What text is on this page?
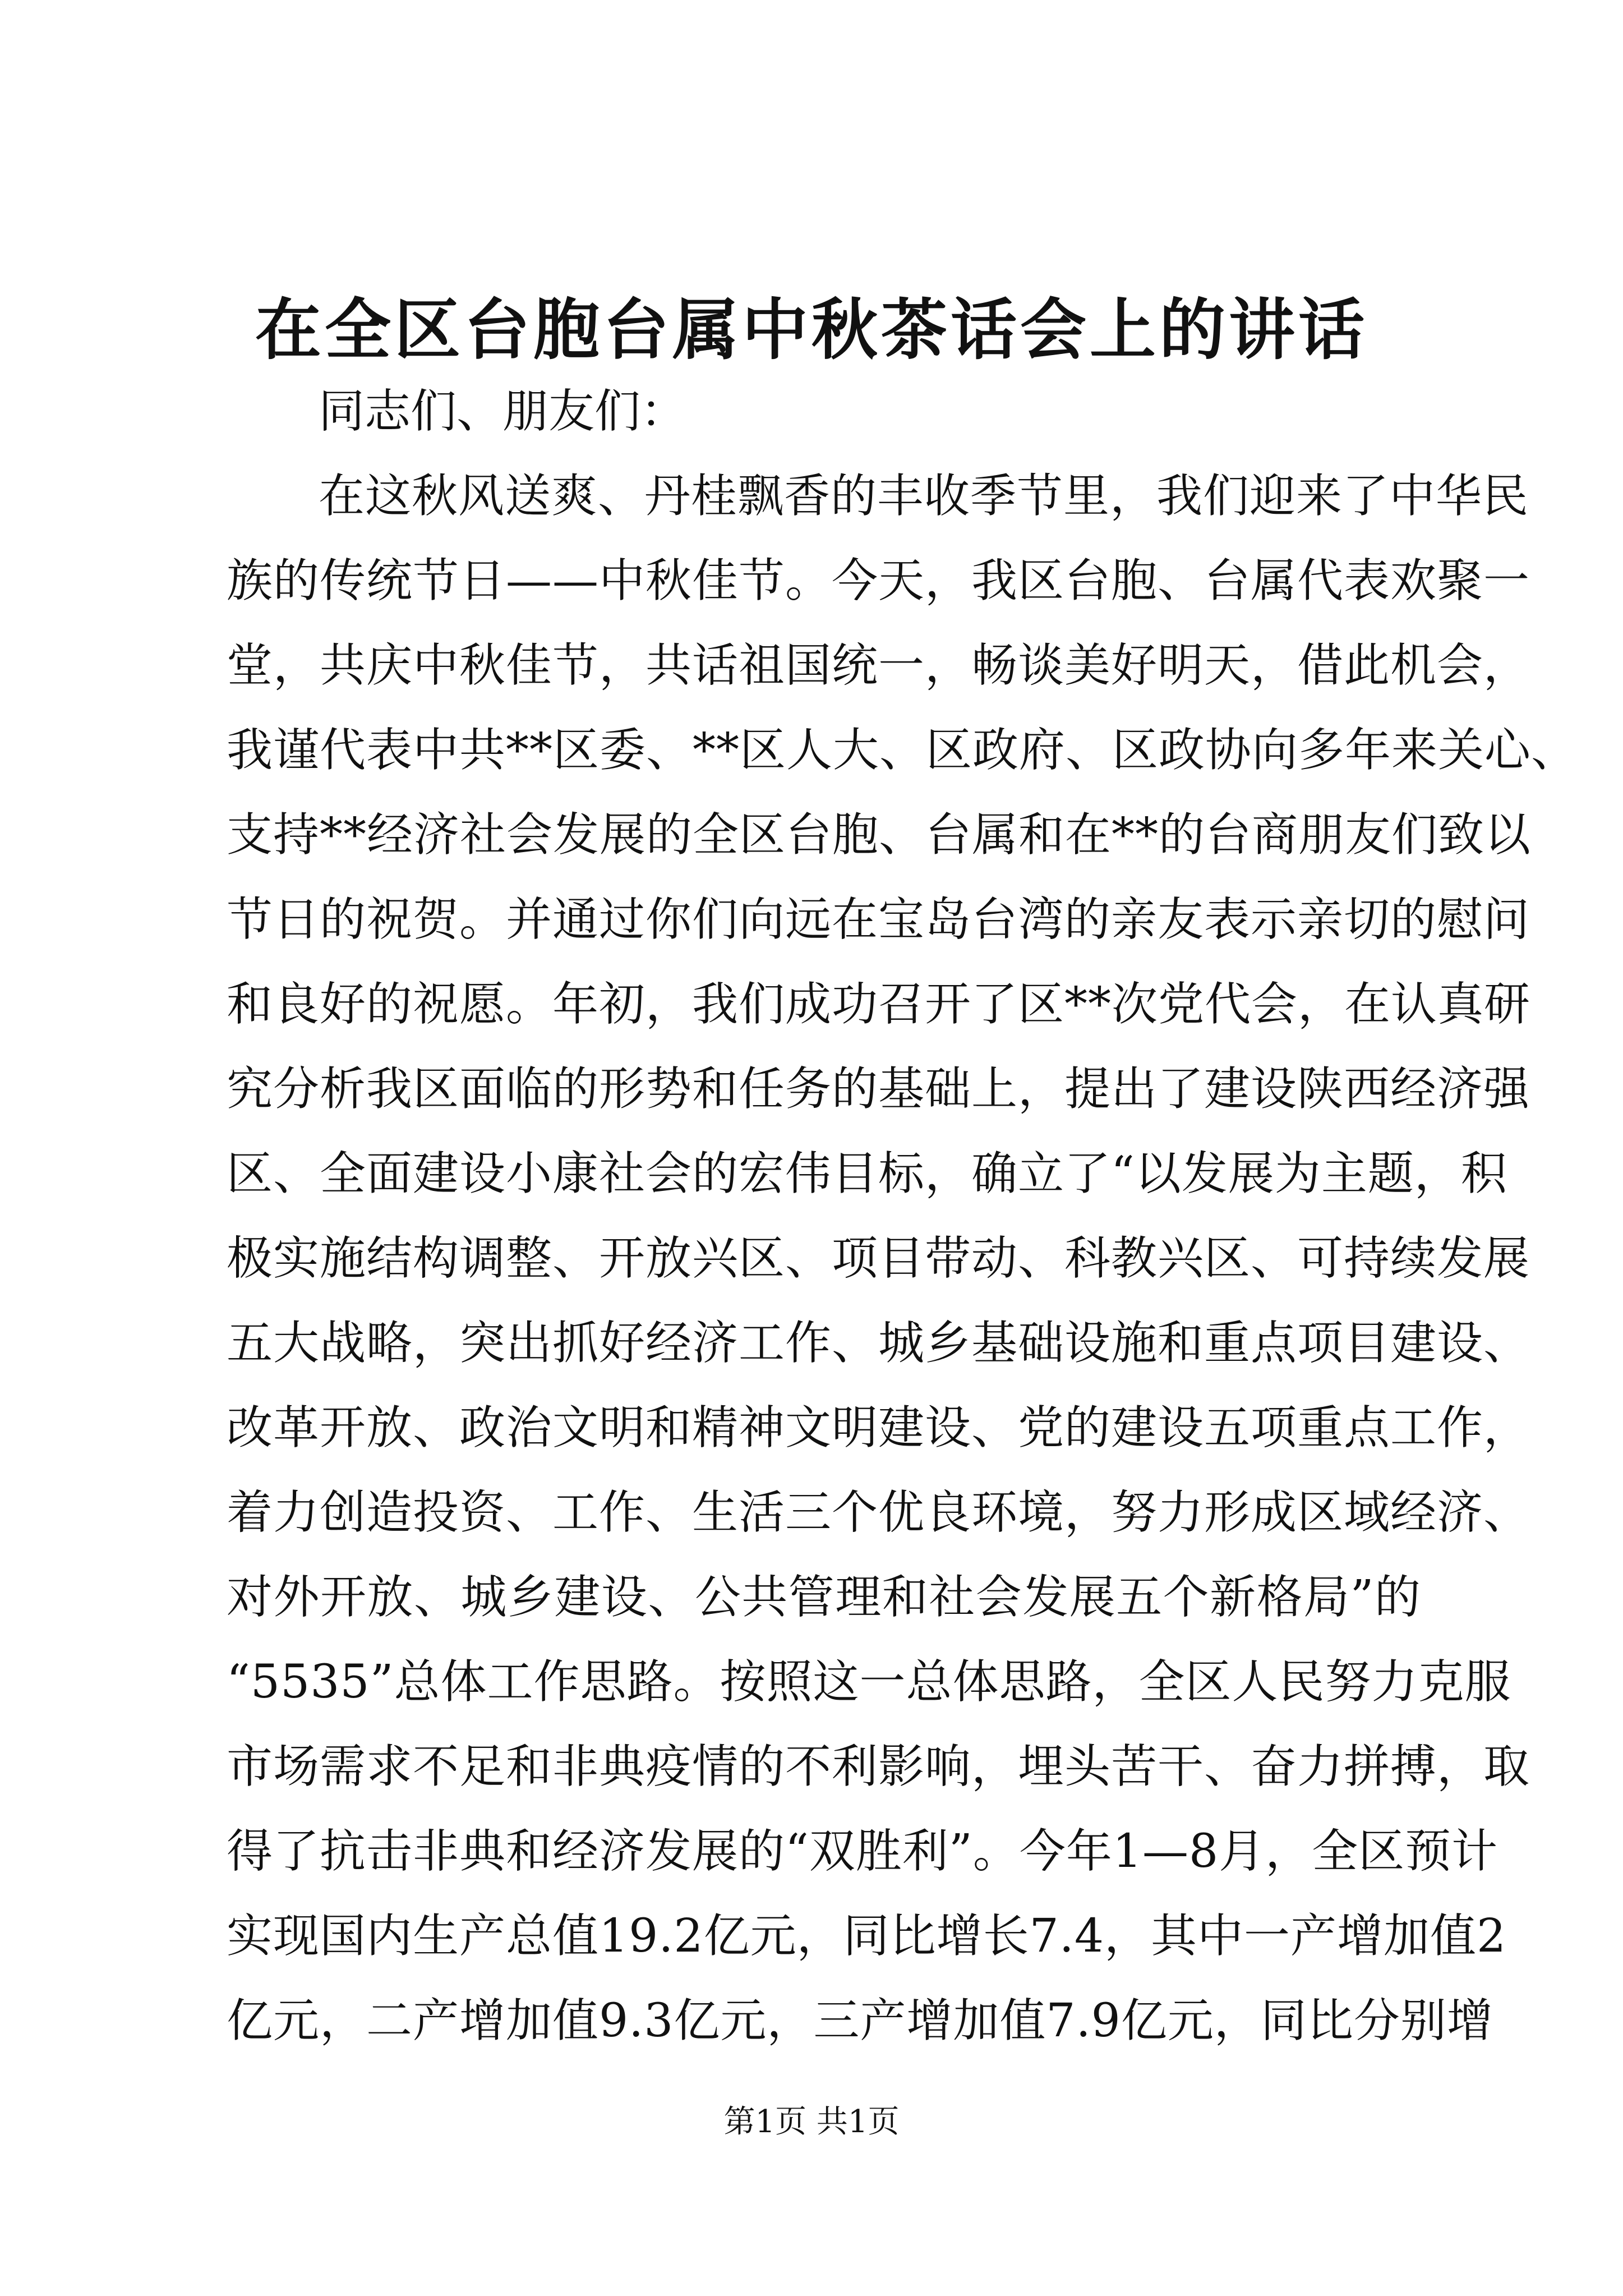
在全区台胞台属中秋茶话会上的讲话

同志们、朋友们：

在这秋风送爽、丹桂飘香的丰收季节里，我们迎来了中华民

族的传统节日——中秋佳节。今天，我区台胞、台属代表欢聚一

堂，共庆中秋佳节，共话祖国统一，畅谈美好明天，借此机会，

我谨代表中共**区委、**区人大、区政府、区政协向多年来关心、

支持**经济社会发展的全区台胞、台属和在**的台商朋友们致以

节日的祝贺。并通过你们向远在宝岛台湾的亲友表示亲切的慰问

和良好的祝愿。年初，我们成功召开了区**次党代会，在认真研

究分析我区面临的形势和任务的基础上，提出了建设陕西经济强

区、全面建设小康社会的宏伟目标，确立了“以发展为主题，积

极实施结构调整、开放兴区、项目带动、科教兴区、可持续发展

五大战略，突出抓好经济工作、城乡基础设施和重点项目建设、

改革开放、政治文明和精神文明建设、党的建设五项重点工作，

着力创造投资、工作、生活三个优良环境，努力形成区域经济、

对外开放、城乡建设、公共管理和社会发展五个新格局”的

“5535”总体工作思路。按照这一总体思路，全区人民努力克服

市场需求不足和非典疫情的不利影响，埋头苦干、奋力拼搏，取

得了抗击非典和经济发展的“双胜利”。今年1—8月，全区预计

实现国内生产总值19.2亿元，同比增长7.4，其中一产增加值2

亿元，二产增加值9.3亿元，三产增加值7.9亿元，同比分别增

第1页 共1页
